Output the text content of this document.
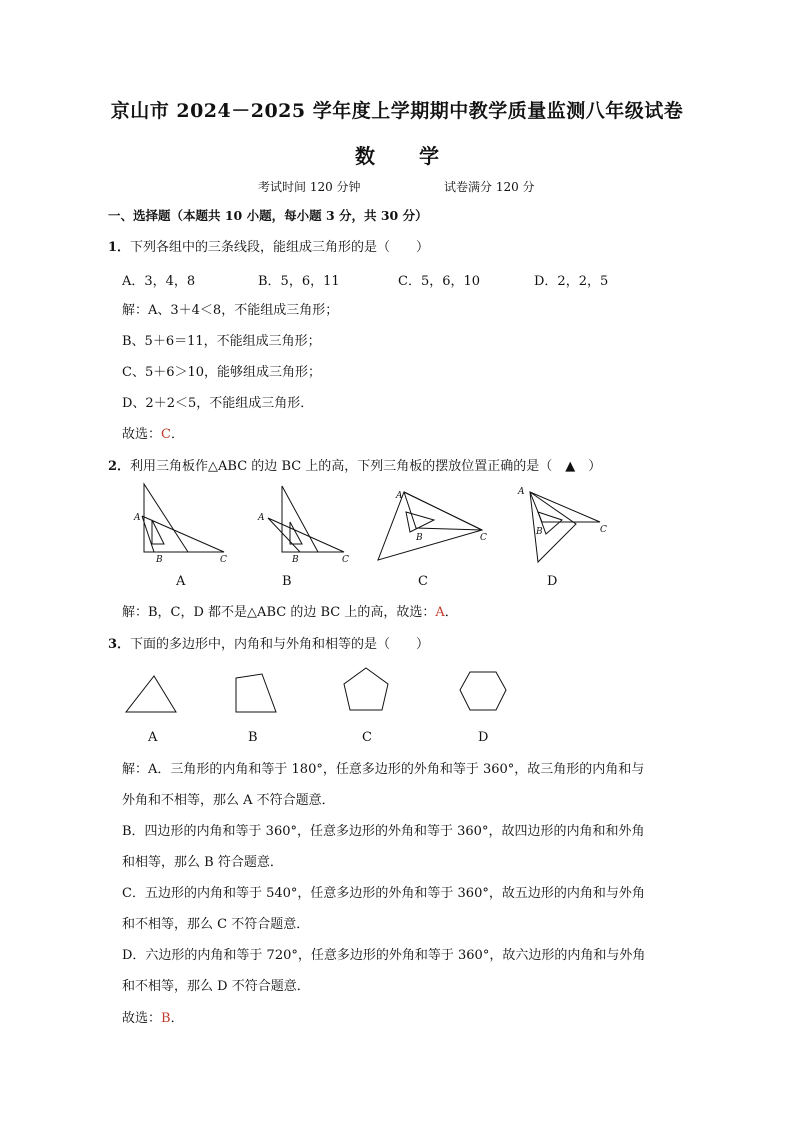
京山市 2024－2025 学年度上学期期中教学质量监测八年级试卷
数 学
考试时间 120 分钟	试卷满分 120 分
一、选择题（本题共 10 小题，每小题 3 分，共 30 分）
1．下列各组中的三条线段，能组成三角形的是（　　）
A．3，4，8	B．5，6，11	C．5，6，10	D．2，2，5
解：A、3＋4＜8，不能组成三角形；
B、5＋6＝11，不能组成三角形；
C、5＋6＞10，能够组成三角形；
D、2＋2＜5，不能组成三角形．
故选：C．
2．利用三角板作△ABC 的边 BC 上的高，下列三角板的摆放位置正确的是（　▲　）
A
B	C
A
A
B	C
B
A
B	C
C
A
B	C
D
解：B，C，D 都不是△ABC 的边 BC 上的高，故选：A．
3．下面的多边形中，内角和与外角和相等的是（　　）
A	B	C	D
解：A．三角形的内角和等于 180°，任意多边形的外角和等于 360°，故三角形的内角和与
外角和不相等，那么 A 不符合题意．
B．四边形的内角和等于 360°，任意多边形的外角和等于 360°，故四边形的内角和和外角
和相等，那么 B 符合题意．
C．五边形的内角和等于 540°，任意多边形的外角和等于 360°，故五边形的内角和与外角
和不相等，那么 C 不符合题意．
D．六边形的内角和等于 720°，任意多边形的外角和等于 360°，故六边形的内角和与外角
和不相等，那么 D 不符合题意．
故选：B．
